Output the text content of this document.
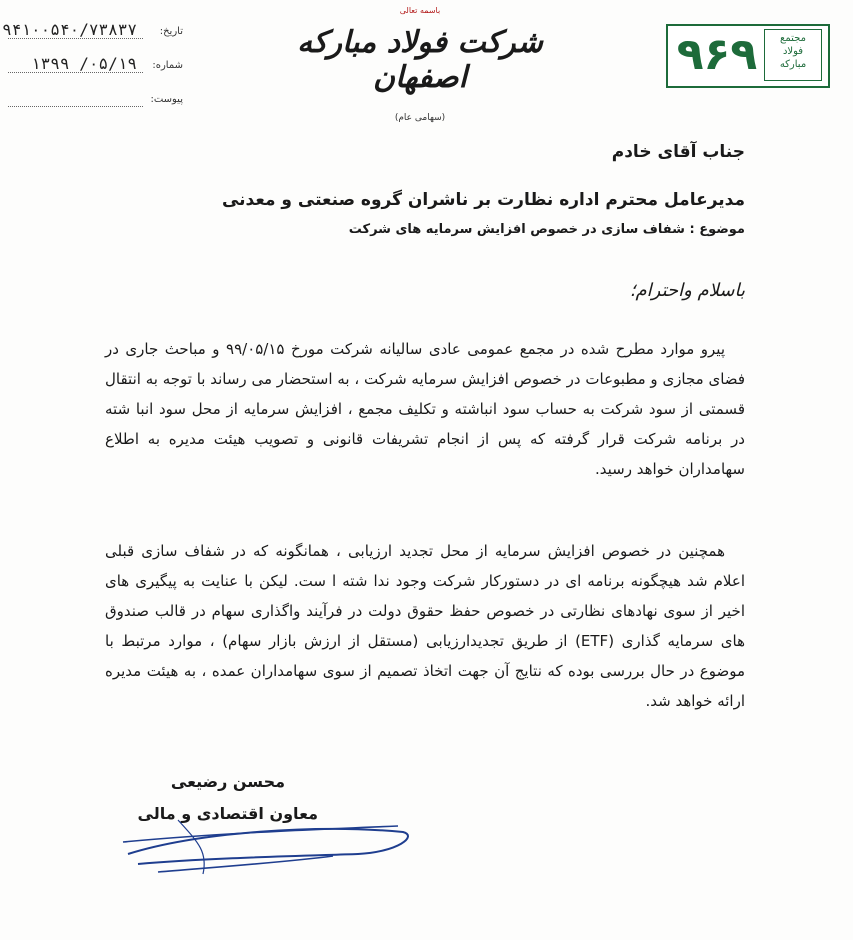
تاریخ:
۹۴۱۰۰۵۴۰/۷۳۸۳۷
شماره:
۱۳۹۹ /۰۵/۱۹
پیوست:
باسمه تعالی
شرکت فولاد مبارکه اصفهان
(سهامی عام)
۹۶۹	مجتمع
فولاد
مبارکه
جناب آقای خادم
مدیرعامل محترم اداره نظارت بر ناشران گروه صنعتی و معدنی
موضوع : شفاف سازی در خصوص افزایش سرمایه های شرکت
باسلام واحترام؛
پیرو موارد مطرح شده در مجمع عمومی عادی سالیانه شرکت مورخ ۹۹/۰۵/۱۵ و مباحث جاری در فضای مجازی و مطبوعات در خصوص افزایش سرمایه شرکت ، به استحضار می رساند با توجه به انتقال قسمتی از سود شرکت به حساب سود انباشته و تکلیف مجمع ، افزایش سرمایه از محل سود انبا شته در برنامه شرکت قرار گرفته که پس از انجام تشریفات قانونی و تصویب هیئت مدیره به اطلاع سهامداران خواهد رسید.
همچنین در خصوص افزایش سرمایه از محل تجدید ارزیابی ، همانگونه که در شفاف سازی قبلی اعلام شد هیچگونه برنامه ای در دستورکار شرکت وجود ندا شته ا ست. لیکن با عنایت به پیگیری های اخیر از سوی نهادهای نظارتی در خصوص حفظ حقوق دولت در فرآیند واگذاری سهام در قالب صندوق های سرمایه گذاری (ETF) از طریق تجدیدارزیابی (مستقل از ارزش بازار سهام) ، موارد مرتبط با موضوع در حال بررسی بوده که نتایج آن جهت اتخاذ تصمیم از سوی سهامداران عمده ، به هیئت مدیره ارائه خواهد شد.
محسن رضیعی
معاون اقتصادی و مالی
